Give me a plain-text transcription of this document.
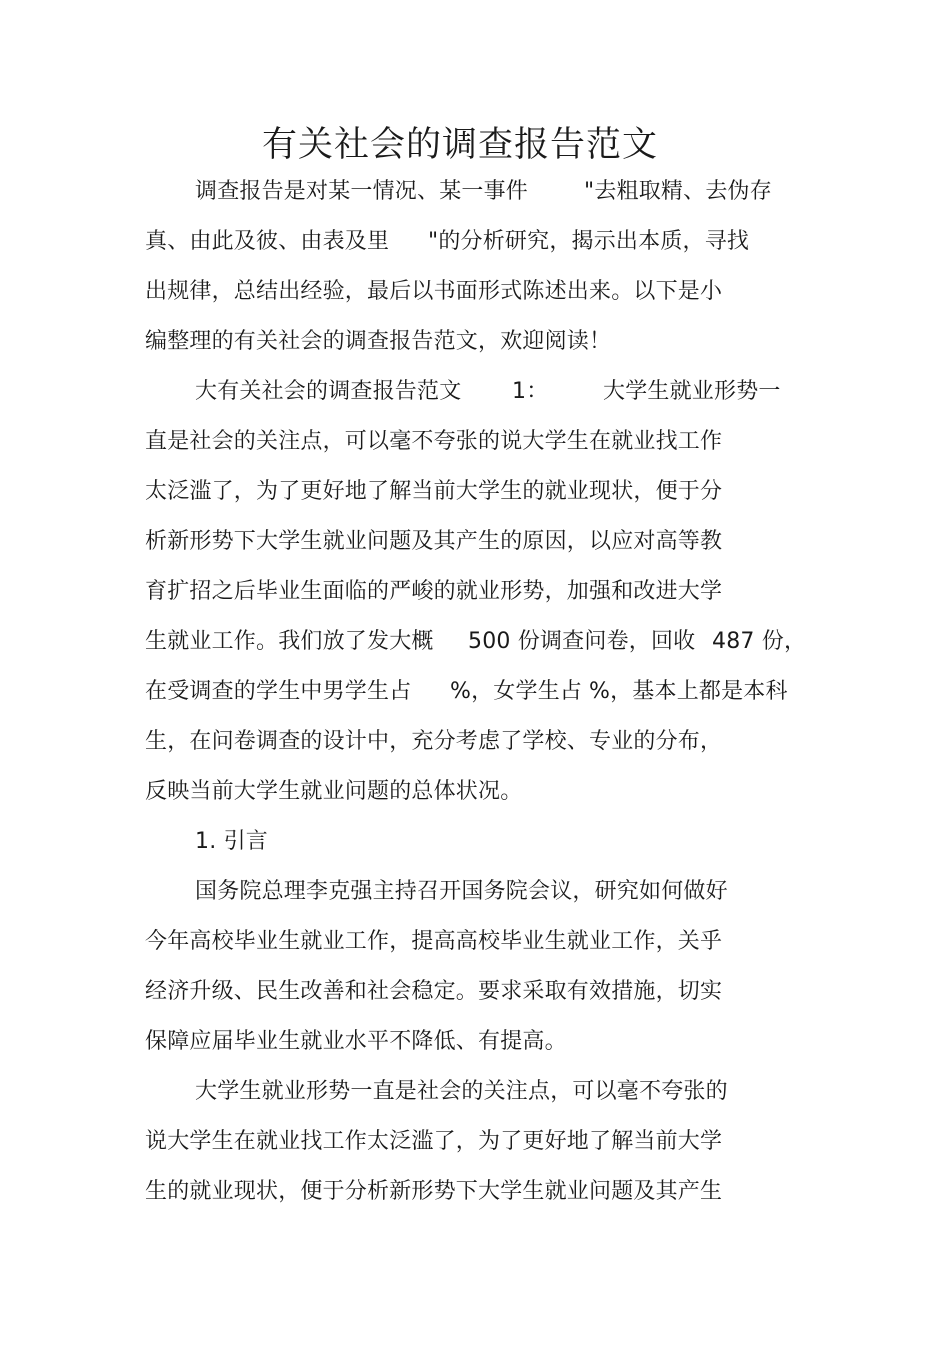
有关社会的调查报告范文
调查报告是对某一情况、某一事件	"去粗取精、去伪存
真、由此及彼、由表及里 "的分析研究，揭示出本质，寻找
出规律，总结出经验，最后以书面形式陈述出来。以下是小
编整理的有关社会的调查报告范文，欢迎阅读！
大有关社会的调查报告范文 1： 大学生就业形势一
直是社会的关注点，可以毫不夸张的说大学生在就业找工作
太泛滥了，为了更好地了解当前大学生的就业现状，便于分
析新形势下大学生就业问题及其产生的原因，以应对高等教
育扩招之后毕业生面临的严峻的就业形势，加强和改进大学
生就业工作。我们放了发大概 500 份调查问卷，回收 487 份，
在受调查的学生中男学生占 %，女学生占 %，基本上都是本科
生，在问卷调查的设计中，充分考虑了学校、专业的分布，
反映当前大学生就业问题的总体状况。
1. 引言
国务院总理李克强主持召开国务院会议，研究如何做好
今年高校毕业生就业工作，提高高校毕业生就业工作，关乎
经济升级、民生改善和社会稳定。要求采取有效措施，切实
保障应届毕业生就业水平不降低、有提高。
大学生就业形势一直是社会的关注点，可以毫不夸张的
说大学生在就业找工作太泛滥了，为了更好地了解当前大学
生的就业现状，便于分析新形势下大学生就业问题及其产生
